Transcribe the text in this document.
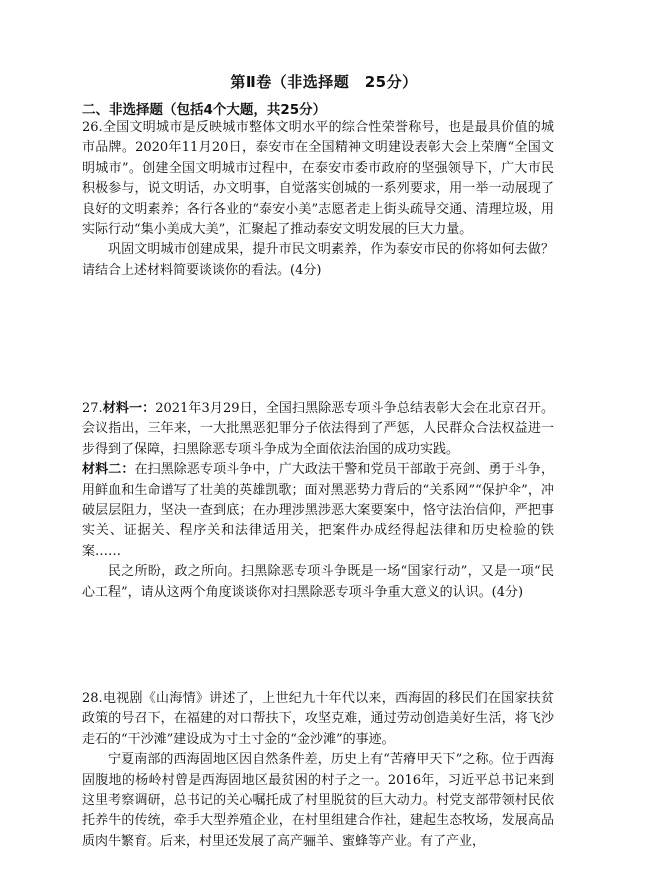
第Ⅱ卷（非选择题　25分）
二、非选择题（包括4个大题，共25分）

26.全国文明城市是反映城市整体文明水平的综合性荣誉称号，也是最具价值的城市品牌。2020年11月20日，泰安市在全国精神文明建设表彰大会上荣膺“全国文明城市”。创建全国文明城市过程中，在泰安市委市政府的坚强领导下，广大市民积极参与，说文明话，办文明事，自觉落实创城的一系列要求，用一举一动展现了良好的文明素养；各行各业的“泰安小美”志愿者走上街头疏导交通、清理垃圾，用实际行动“集小美成大美”，汇聚起了推动泰安文明发展的巨大力量。

巩固文明城市创建成果，提升市民文明素养，作为泰安市民的你将如何去做？请结合上述材料简要谈谈你的看法。(4分)

27.材料一：2021年3月29日，全国扫黑除恶专项斗争总结表彰大会在北京召开。会议指出，三年来，一大批黑恶犯罪分子依法得到了严惩，人民群众合法权益进一步得到了保障，扫黑除恶专项斗争成为全面依法治国的成功实践。

材料二：在扫黑除恶专项斗争中，广大政法干警和党员干部敢于亮剑、勇于斗争，用鲜血和生命谱写了壮美的英雄凯歌；面对黑恶势力背后的“关系网”“保护伞”，冲破层层阻力，坚决一查到底；在办理涉黑涉恶大案要案中，恪守法治信仰，严把事实关、证据关、程序关和法律适用关，把案件办成经得起法律和历史检验的铁案……

民之所盼，政之所向。扫黑除恶专项斗争既是一场“国家行动”，又是一项“民心工程”，请从这两个角度谈谈你对扫黑除恶专项斗争重大意义的认识。(4分)

28.电视剧《山海情》讲述了，上世纪九十年代以来，西海固的移民们在国家扶贫政策的号召下，在福建的对口帮扶下，攻坚克难，通过劳动创造美好生活，将飞沙走石的“干沙滩”建设成为寸土寸金的“金沙滩”的事迹。

宁夏南部的西海固地区因自然条件差，历史上有“苦瘠甲天下”之称。位于西海固腹地的杨岭村曾是西海固地区最贫困的村子之一。2016年，习近平总书记来到这里考察调研，总书记的关心嘱托成了村里脱贫的巨大动力。村党支部带领村民依托养牛的传统，牵手大型养殖企业，在村里组建合作社，建起生态牧场，发展高品质肉牛繁育。后来，村里还发展了高产骊羊、蜜蜂等产业。有了产业，
